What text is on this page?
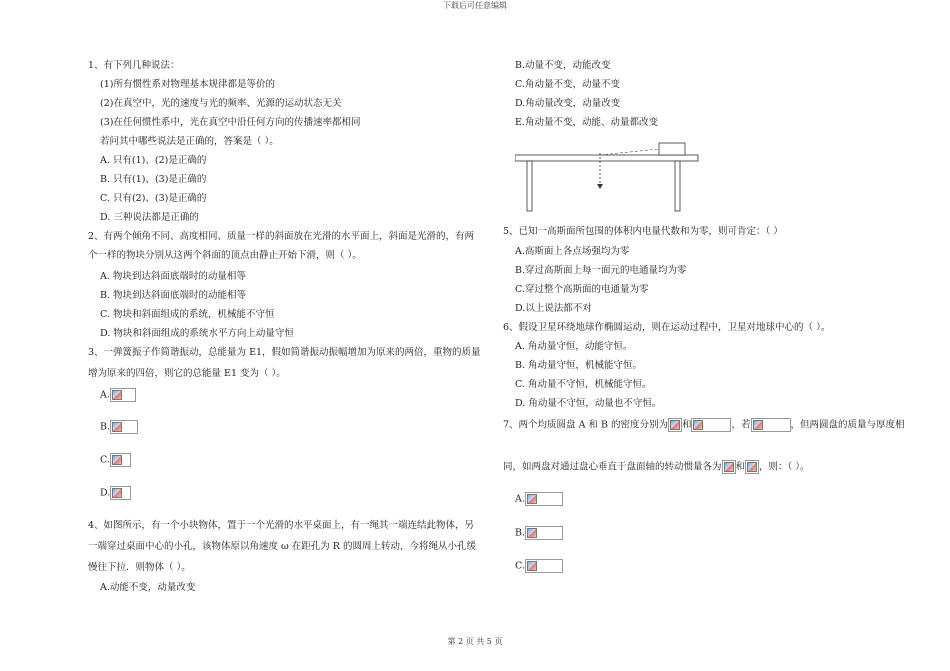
下载后可任意编辑
1、有下列几种说法：
(1)所有惯性系对物理基本规律都是等价的
(2)在真空中，光的速度与光的频率、光源的运动状态无关
(3)在任何惯性系中，光在真空中沿任何方向的传播速率都相同
若问其中哪些说法是正确的，答案是（ ）。
A. 只有(1)、(2)是正确的
B. 只有(1)、(3)是正确的
C. 只有(2)、(3)是正确的
D. 三种说法都是正确的
2、有两个倾角不同、高度相同、质量一样的斜面放在光滑的水平面上，斜面是光滑的，有两
个一样的物块分别从这两个斜面的顶点由静止开始下滑，则（ ）。
A. 物块到达斜面底端时的动量相等
B. 物块到达斜面底端时的动能相等
C. 物块和斜面组成的系统，机械能不守恒
D. 物块和斜面组成的系统水平方向上动量守恒
3、一弹簧振子作简谐振动，总能量为 E1，假如简谐振动振幅增加为原来的两倍，重物的质量
增为原来的四倍，则它的总能量 E1 变为（ ）。
A.
B.
C.
D.
4、如图所示，有一个小块物体，置于一个光滑的水平桌面上，有一绳其一端连结此物体，另
一端穿过桌面中心的小孔，该物体原以角速度 ω 在距孔为 R 的圆周上转动，今将绳从小孔缓
慢往下拉．则物体（ ）。
A.动能不变，动量改变
B.动量不变，动能改变
C.角动量不变，动量不变
D.角动量改变，动量改变
E.角动量不变，动能、动量都改变
5、已知一高斯面所包围的体积内电量代数和为零，则可肯定：（ ）
A.高斯面上各点场强均为零
B.穿过高斯面上每一面元的电通量均为零
C.穿过整个高斯面的电通量为零
D.以上说法都不对
6、假设卫星环绕地球作椭圆运动，则在运动过程中，卫星对地球中心的（ ）。
A. 角动量守恒，动能守恒。
B. 角动量守恒，机械能守恒。
C. 角动量不守恒，机械能守恒。
D. 角动量不守恒，动量也不守恒。
7、两个均质圆盘 A 和 B 的密度分别为 和	，若	，但两圆盘的质量与厚度相
同，如两盘对通过盘心垂直于盘面轴的转动惯量各为 和 ，则：（ ）。
A.
B.
C.
第 2 页 共 5 页
